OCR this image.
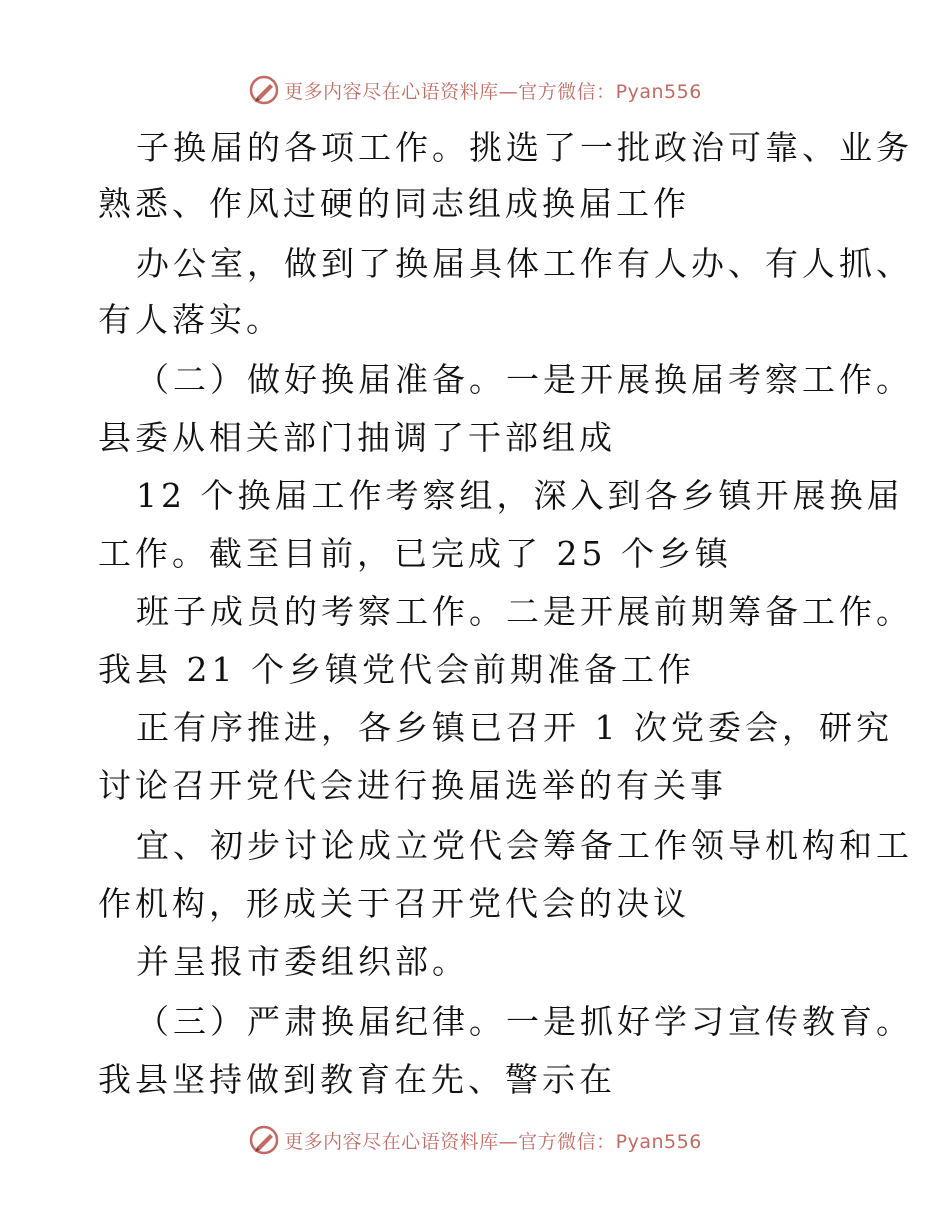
更多内容尽在心语资料库—官方微信：Pyan556
子换届的各项工作。挑选了一批政治可靠、业务
熟悉、作风过硬的同志组成换届工作
办公室，做到了换届具体工作有人办、有人抓、
有人落实。
（二）做好换届准备。一是开展换届考察工作。
县委从相关部门抽调了干部组成
12 个换届工作考察组，深入到各乡镇开展换届
工作。截至目前，已完成了 25 个乡镇
班子成员的考察工作。二是开展前期筹备工作。
我县 21 个乡镇党代会前期准备工作
正有序推进，各乡镇已召开 1 次党委会，研究
讨论召开党代会进行换届选举的有关事
宜、初步讨论成立党代会筹备工作领导机构和工
作机构，形成关于召开党代会的决议
并呈报市委组织部。
（三）严肃换届纪律。一是抓好学习宣传教育。
我县坚持做到教育在先、警示在
更多内容尽在心语资料库—官方微信：Pyan556
